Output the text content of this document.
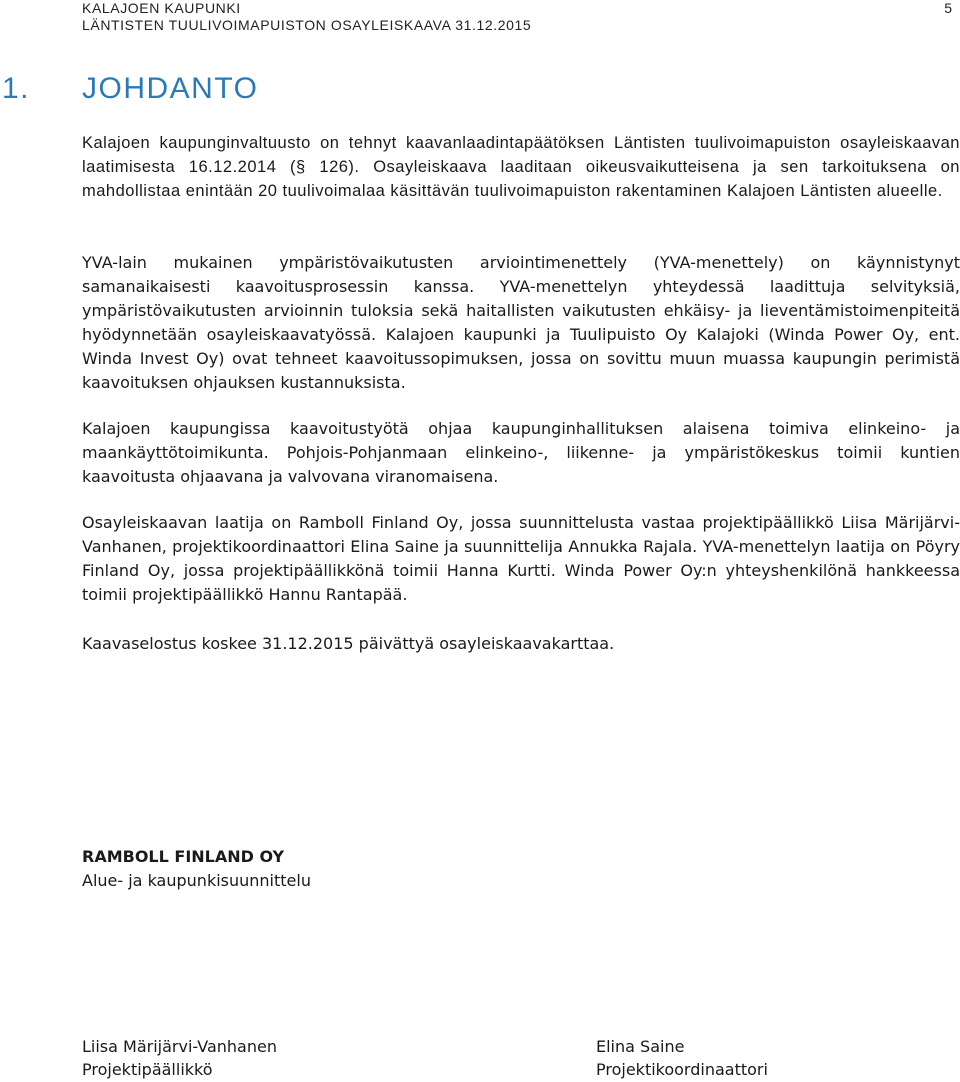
KALAJOEN KAUPUNKI
LÄNTISTEN TUULIVOIMAPUISTON OSAYLEISKAAVA 31.12.2015
5
1. JOHDANTO

Kalajoen kaupunginvaltuusto on tehnyt kaavanlaadintapäätöksen Läntisten tuulivoimapuiston osayleiskaavan laatimisesta 16.12.2014 (§ 126). Osayleiskaava laaditaan oikeusvaikutteisena ja sen tarkoituksena on mahdollistaa enintään 20 tuulivoimalaa käsittävän tuulivoimapuiston rakentaminen Kalajoen Läntisten alueelle.

YVA-lain mukainen ympäristövaikutusten arviointimenettely (YVA-menettely) on käynnistynyt samanaikaisesti kaavoitusprosessin kanssa. YVA-menettelyn yhteydessä laadittuja selvityksiä, ympäristövaikutusten arvioinnin tuloksia sekä haitallisten vaikutusten ehkäisy- ja lieventämistoimenpiteitä hyödynnetään osayleiskaavatyössä. Kalajoen kaupunki ja Tuulipuisto Oy Kalajoki (Winda Power Oy, ent. Winda Invest Oy) ovat tehneet kaavoitussopimuksen, jossa on sovittu muun muassa kaupungin perimistä kaavoituksen ohjauksen kustannuksista.

Kalajoen kaupungissa kaavoitustyötä ohjaa kaupunginhallituksen alaisena toimiva elinkeino- ja maankäyttötoimikunta. Pohjois-Pohjanmaan elinkeino-, liikenne- ja ympäristökeskus toimii kuntien kaavoitusta ohjaavana ja valvovana viranomaisena.

Osayleiskaavan laatija on Ramboll Finland Oy, jossa suunnittelusta vastaa projektipäällikkö Liisa Märijärvi-Vanhanen, projektikoordinaattori Elina Saine ja suunnittelija Annukka Rajala. YVA-menettelyn laatija on Pöyry Finland Oy, jossa projektipäällikkönä toimii Hanna Kurtti. Winda Power Oy:n yhteyshenkilönä hankkeessa toimii projektipäällikkö Hannu Rantapää.

Kaavaselostus koskee 31.12.2015 päivättyä osayleiskaavakarttaa.

RAMBOLL FINLAND OY

Alue- ja kaupunkisuunnittelu

Liisa Märijärvi-Vanhanen

Projektipäällikkö

Elina Saine

Projektikoordinaattori
